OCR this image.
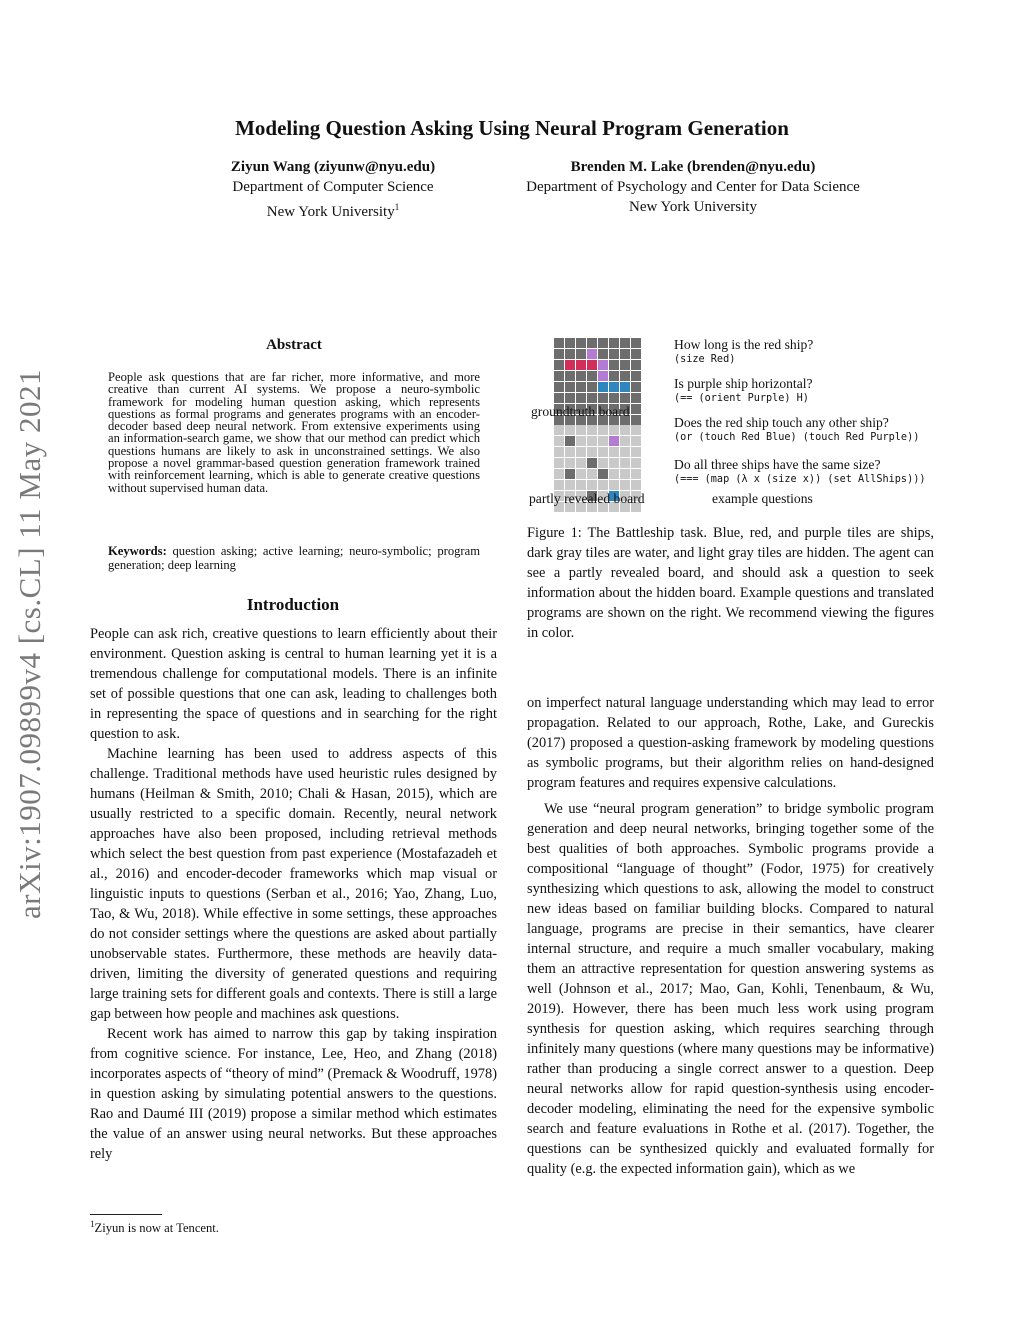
Modeling Question Asking Using Neural Program Generation
Ziyun Wang (ziyunw@nyu.edu)
Department of Computer Science
New York University$^1$
Brenden M. Lake (brenden@nyu.edu)
Department of Psychology and Center for Data Science
New York University
arXiv:1907.09899v4 [cs.CL] 11 May 2021
Abstract
People ask questions that are far richer, more informative, and more creative than current AI systems. We propose a neuro-symbolic framework for modeling human question asking, which represents questions as formal programs and generates programs with an encoder-decoder based deep neural network. From extensive experiments using an information-search game, we show that our method can predict which questions humans are likely to ask in unconstrained settings. We also propose a novel grammar-based question generation framework trained with reinforcement learning, which is able to generate creative questions without supervised human data.
Keywords: question asking; active learning; neuro-symbolic; program generation; deep learning
Introduction

People can ask rich, creative questions to learn efficiently about their environment. Question asking is central to human learning yet it is a tremendous challenge for computational models. There is an infinite set of possible questions that one can ask, leading to challenges both in representing the space of questions and in searching for the right question to ask.

Machine learning has been used to address aspects of this challenge. Traditional methods have used heuristic rules designed by humans (Heilman & Smith, 2010; Chali & Hasan, 2015), which are usually restricted to a specific domain. Recently, neural network approaches have also been proposed, including retrieval methods which select the best question from past experience (Mostafazadeh et al., 2016) and encoder-decoder frameworks which map visual or linguistic inputs to questions (Serban et al., 2016; Yao, Zhang, Luo, Tao, & Wu, 2018). While effective in some settings, these approaches do not consider settings where the questions are asked about partially unobservable states. Furthermore, these methods are heavily data-driven, limiting the diversity of generated questions and requiring large training sets for different goals and contexts. There is still a large gap between how people and machines ask questions.

Recent work has aimed to narrow this gap by taking inspiration from cognitive science. For instance, Lee, Heo, and Zhang (2018) incorporates aspects of “theory of mind” (Premack & Woodruff, 1978) in question asking by simulating potential answers to the questions. Rao and Daumé III (2019) propose a similar method which estimates the value of an answer using neural networks. But these approaches rely

$^1$Ziyun is now at Tencent.
groundtruth board
partly revealed board	example questions
How long is the red ship?
(size Red)
Is purple ship horizontal?
(== (orient Purple) H)
Does the red ship touch any other ship?
(or (touch Red Blue) (touch Red Purple))
Do all three ships have the same size?
(=== (map (λ x (size x)) (set AllShips)))
Figure 1: The Battleship task. Blue, red, and purple tiles are ships, dark gray tiles are water, and light gray tiles are hidden. The agent can see a partly revealed board, and should ask a question to seek information about the hidden board. Example questions and translated programs are shown on the right. We recommend viewing the figures in color.

on imperfect natural language understanding which may lead to error propagation. Related to our approach, Rothe, Lake, and Gureckis (2017) proposed a question-asking framework by modeling questions as symbolic programs, but their algorithm relies on hand-designed program features and requires expensive calculations.

We use “neural program generation” to bridge symbolic program generation and deep neural networks, bringing together some of the best qualities of both approaches. Symbolic programs provide a compositional “language of thought” (Fodor, 1975) for creatively synthesizing which questions to ask, allowing the model to construct new ideas based on familiar building blocks. Compared to natural language, programs are precise in their semantics, have clearer internal structure, and require a much smaller vocabulary, making them an attractive representation for question answering systems as well (Johnson et al., 2017; Mao, Gan, Kohli, Tenenbaum, & Wu, 2019). However, there has been much less work using program synthesis for question asking, which requires searching through infinitely many questions (where many questions may be informative) rather than producing a single correct answer to a question. Deep neural networks allow for rapid question-synthesis using encoder-decoder modeling, eliminating the need for the expensive symbolic search and feature evaluations in Rothe et al. (2017). Together, the questions can be synthesized quickly and evaluated formally for quality (e.g. the expected information gain), which as we
